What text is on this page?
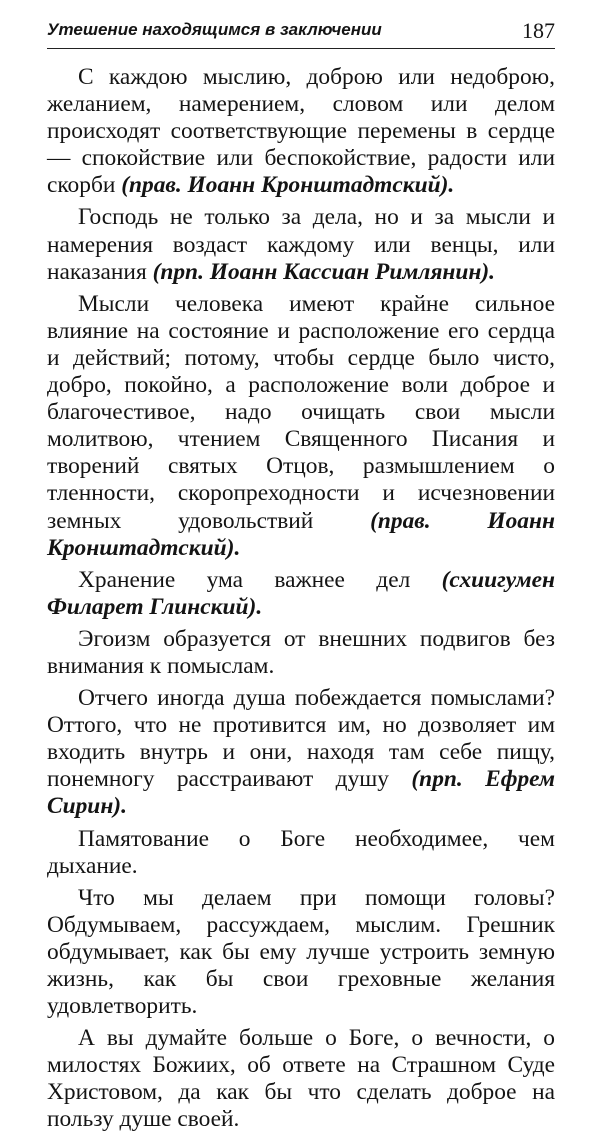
Утешение находящимся в заключении	187

С каждою мыслию, доброю или недоброю, желанием, намерением, словом или делом происходят соответствующие перемены в сердце — спокойствие или беспокойствие, радости или скорби (прав. Иоанн Кронштадтский).

Господь не только за дела, но и за мысли и намерения воздаст каждому или венцы, или наказания (прп. Иоанн Кассиан Римлянин).

Мысли человека имеют крайне сильное влияние на состояние и расположение его сердца и действий; потому, чтобы сердце было чисто, добро, покойно, а расположение воли доброе и благочестивое, надо очищать свои мысли молитвою, чтением Священного Писания и творений святых Отцов, размышлением о тленности, скоропреходности и исчезновении земных удовольствий (прав. Иоанн Кронштадтский).

Хранение ума важнее дел (схиигумен Филарет Глинский).

Эгоизм образуется от внешних подвигов без внимания к помыслам.

Отчего иногда душа побеждается помыслами? Оттого, что не противится им, но дозволяет им входить внутрь и они, находя там себе пищу, понемногу расстраивают душу (прп. Ефрем Сирин).

Памятование о Боге необходимее, чем дыхание.

Что мы делаем при помощи головы? Обдумываем, рассуждаем, мыслим. Грешник обдумывает, как бы ему лучше устроить земную жизнь, как бы свои греховные желания удовлетворить.

А вы думайте больше о Боге, о вечности, о милостях Божиих, об ответе на Страшном Суде Христовом, да как бы что сделать доброе на пользу душе своей.
